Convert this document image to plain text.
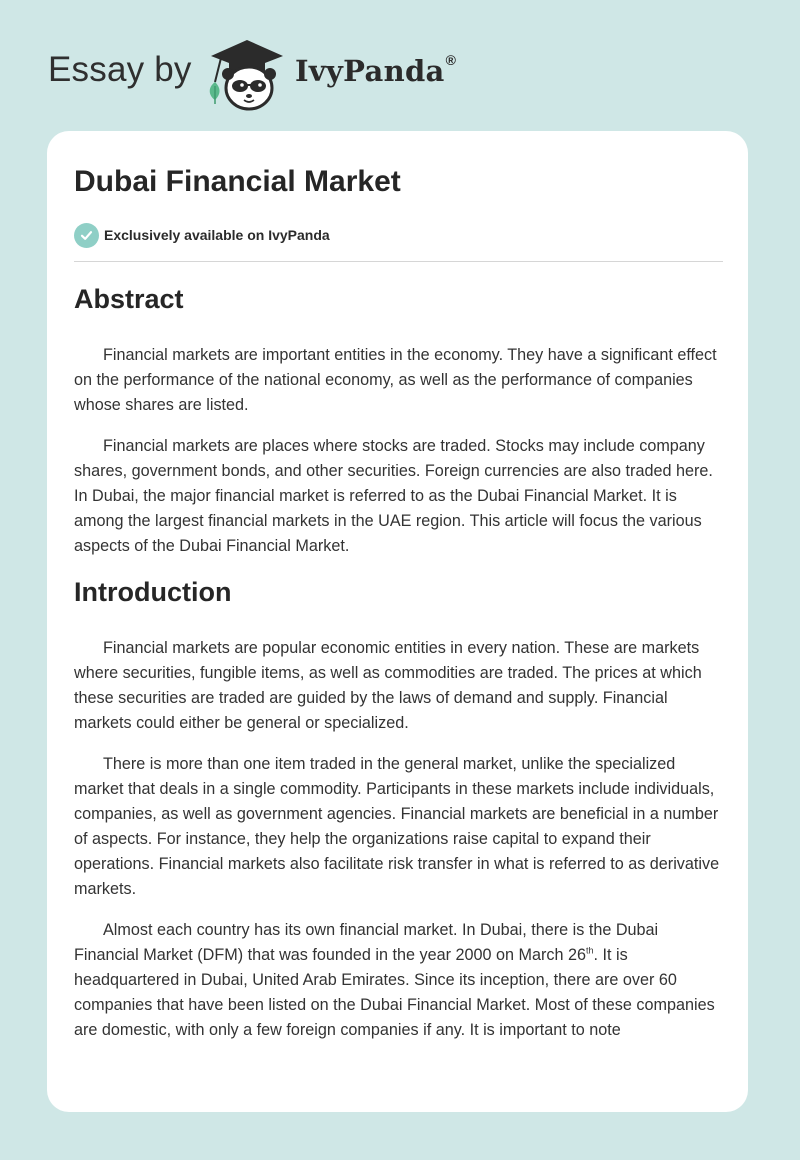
Essay by	IvyPanda®
Dubai Financial Market
Exclusively available on IvyPanda
Abstract

Financial markets are important entities in the economy. They have a significant effect on the performance of the national economy, as well as the performance of companies whose shares are listed.

Financial markets are places where stocks are traded. Stocks may include company shares, government bonds, and other securities. Foreign currencies are also traded here. In Dubai, the major financial market is referred to as the Dubai Financial Market. It is among the largest financial markets in the UAE region. This article will focus the various aspects of the Dubai Financial Market.

Introduction

Financial markets are popular economic entities in every nation. These are markets where securities, fungible items, as well as commodities are traded. The prices at which these securities are traded are guided by the laws of demand and supply. Financial markets could either be general or specialized.

There is more than one item traded in the general market, unlike the specialized market that deals in a single commodity. Participants in these markets include individuals, companies, as well as government agencies. Financial markets are beneficial in a number of aspects. For instance, they help the organizations raise capital to expand their operations. Financial markets also facilitate risk transfer in what is referred to as derivative markets.

Almost each country has its own financial market. In Dubai, there is the Dubai Financial Market (DFM) that was founded in the year 2000 on March 26th. It is headquartered in Dubai, United Arab Emirates. Since its inception, there are over 60 companies that have been listed on the Dubai Financial Market. Most of these companies are domestic, with only a few foreign companies if any. It is important to note
